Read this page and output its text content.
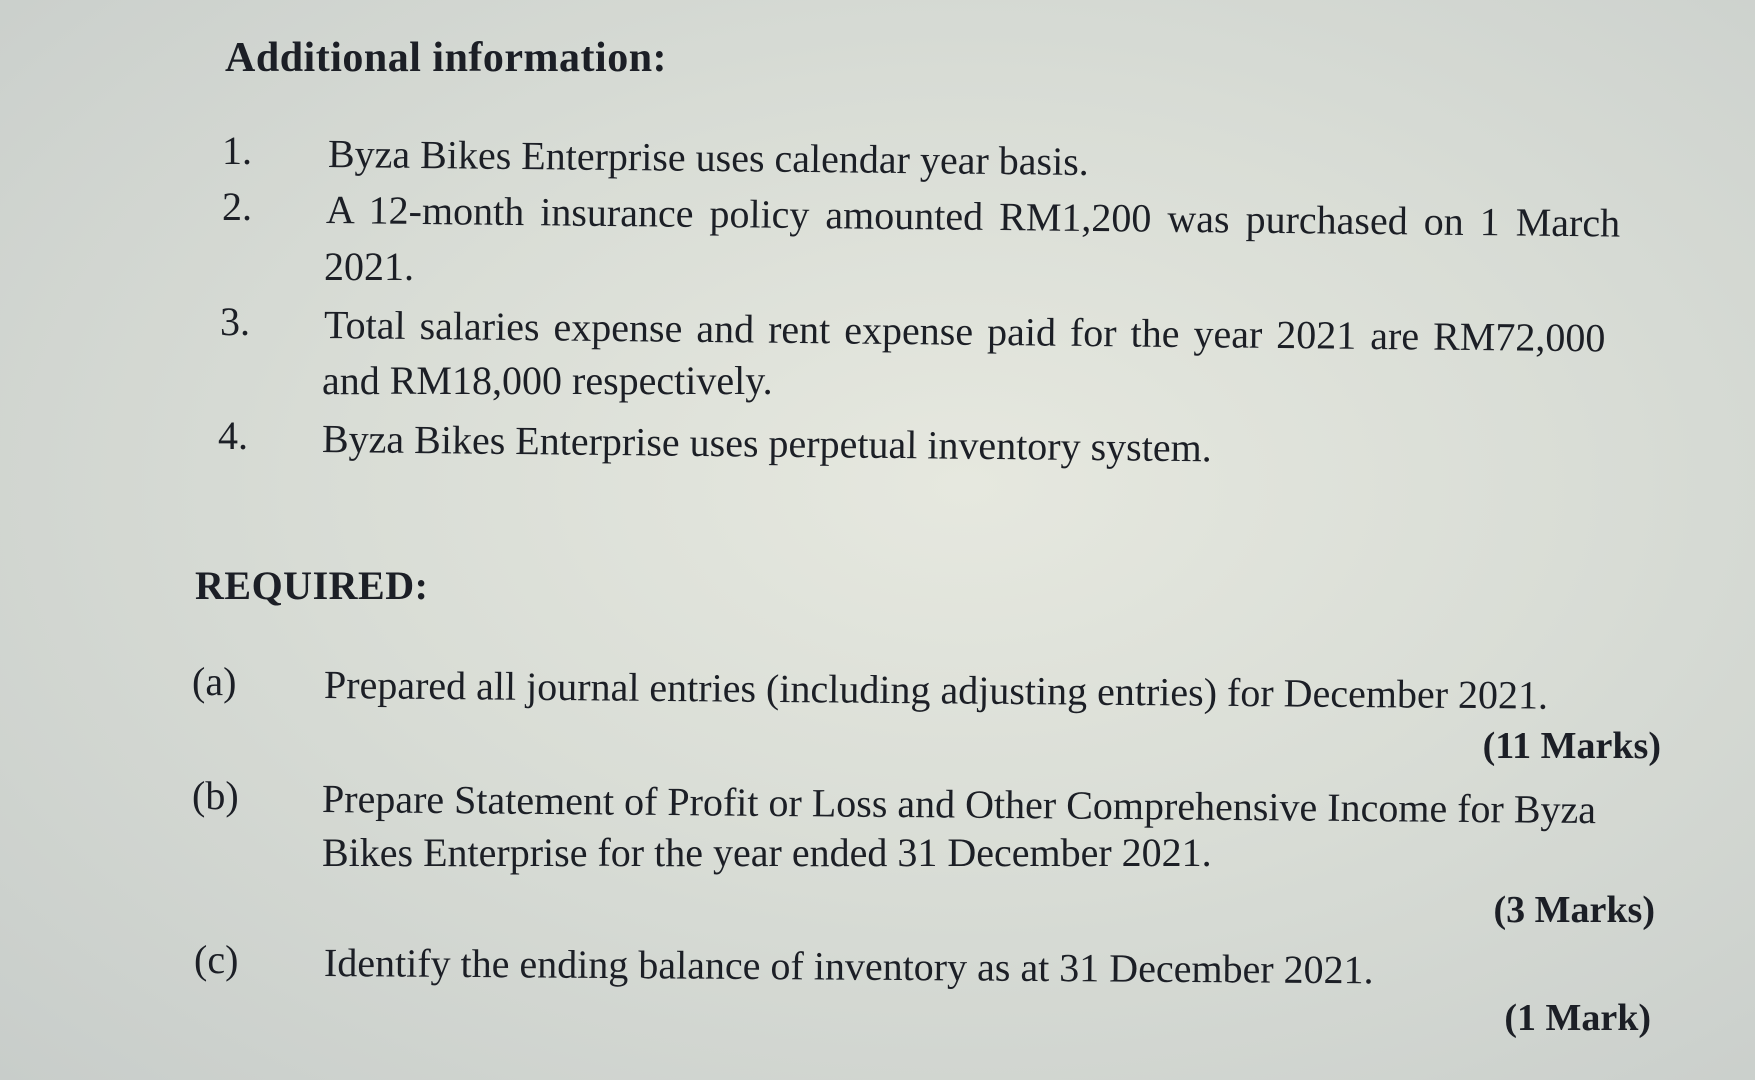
Additional information:
1. Byza Bikes Enterprise uses calendar year basis.
2. A 12-month insurance policy amounted RM1,200 was purchased on 1 March
2021.
3. Total salaries expense and rent expense paid for the year 2021 are RM72,000
and RM18,000 respectively.
4. Byza Bikes Enterprise uses perpetual inventory system.
REQUIRED:
(a) Prepared all journal entries (including adjusting entries) for December 2021.
(11 Marks)
(b) Prepare Statement of Profit or Loss and Other Comprehensive Income for Byza
Bikes Enterprise for the year ended 31 December 2021.
(3 Marks)
(c) Identify the ending balance of inventory as at 31 December 2021.
(1 Mark)
